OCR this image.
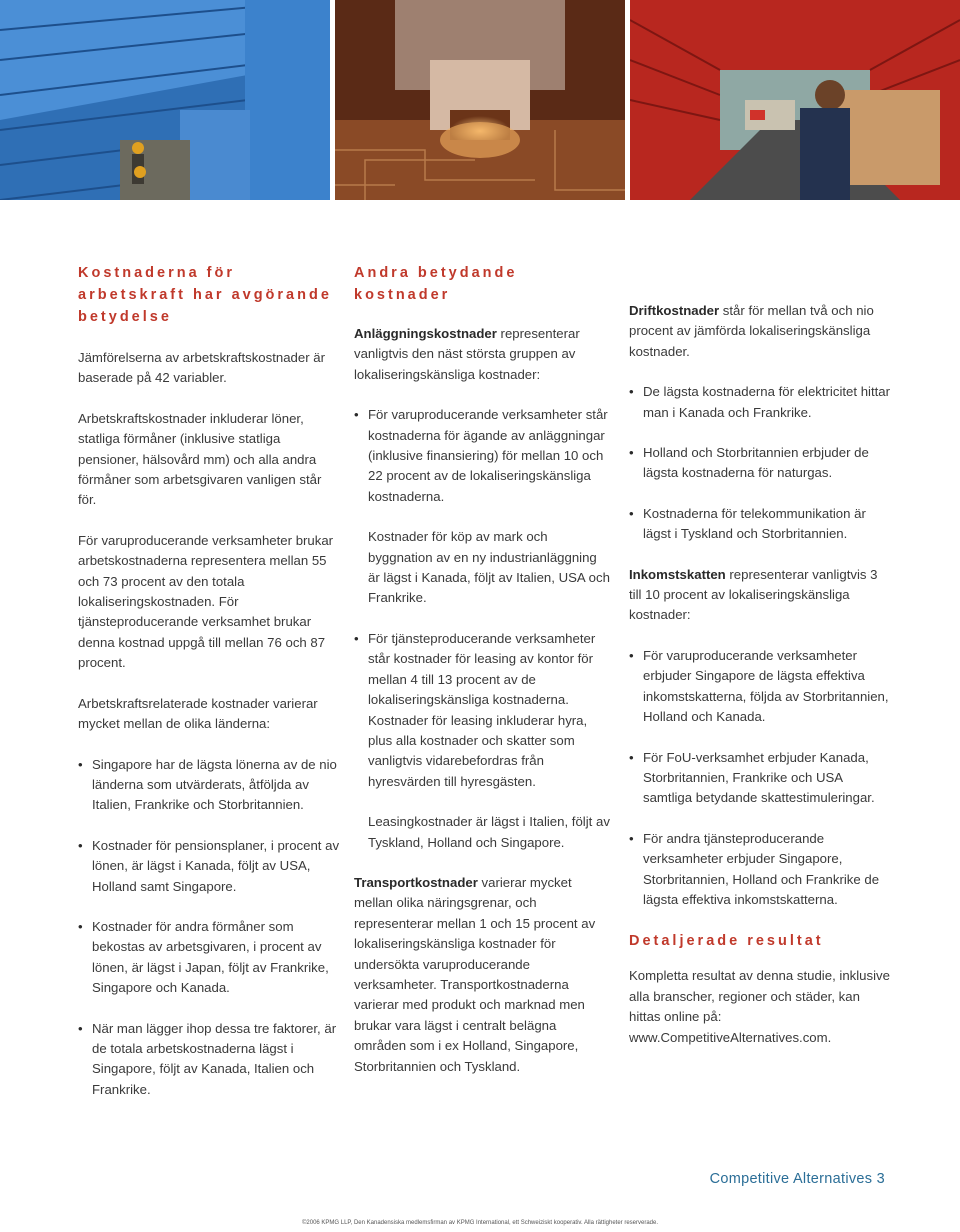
Kostnaderna för arbetskraft har avgörande betydelse

Jämförelserna av arbetskraftskostnader är baserade på 42 variabler.

Arbetskraftskostnader inkluderar löner, statliga förmåner (inklusive statliga pensioner, hälsovård mm) och alla andra förmåner som arbetsgivaren vanligen står för.

För varuproducerande verksamheter brukar arbetskostnaderna representera mellan 55 och 73 procent av den totala lokaliseringskostnaden. För tjänsteproducerande verksamhet brukar denna kostnad uppgå till mellan 76 och 87 procent.

Arbetskraftsrelaterade kostnader varierar mycket mellan de olika länderna:

• Singapore har de lägsta lönerna av de nio länderna som utvärderats, åtföljda av Italien, Frankrike och Storbritannien.
• Kostnader för pensionsplaner, i procent av lönen, är lägst i Kanada, följt av USA, Holland samt Singapore.
• Kostnader för andra förmåner som bekostas av arbetsgivaren, i procent av lönen, är lägst i Japan, följt av Frankrike, Singapore och Kanada.
• När man lägger ihop dessa tre faktorer, är de totala arbetskostnaderna lägst i Singapore, följt av Kanada, Italien och Frankrike.
Andra betydande kostnader

Anläggningskostnader representerar vanligtvis den näst största gruppen av lokaliseringskänsliga kostnader:

• För varuproducerande verksamheter står kostnaderna för ägande av anläggningar (inklusive finansiering) för mellan 10 och 22 procent av de lokaliseringskänsliga kostnaderna.

Kostnader för köp av mark och byggnation av en ny industrianläggning är lägst i Kanada, följt av Italien, USA och Frankrike.

• För tjänsteproducerande verksamheter står kostnader för leasing av kontor för mellan 4 till 13 procent av de lokaliseringskänsliga kostnaderna. Kostnader för leasing inkluderar hyra, plus alla kostnader och skatter som vanligtvis vidarebefordras från hyresvärden till hyresgästen.

Leasingkostnader är lägst i Italien, följt av Tyskland, Holland och Singapore.

Transportkostnader varierar mycket mellan olika näringsgrenar, och representerar mellan 1 och 15 procent av lokaliseringskänsliga kostnader för undersökta varuproducerande verksamheter. Transportkostnaderna varierar med produkt och marknad men brukar vara lägst i centralt belägna områden som i ex Holland, Singapore, Storbritannien och Tyskland.

Driftkostnader står för mellan två och nio procent av jämförda lokaliseringskänsliga kostnader.

• De lägsta kostnaderna för elektricitet hittar man i Kanada och Frankrike.
• Holland och Storbritannien erbjuder de lägsta kostnaderna för naturgas.
• Kostnaderna för telekommunikation är lägst i Tyskland och Storbritannien.

Inkomstskatten representerar vanligtvis 3 till 10 procent av lokaliseringskänsliga kostnader:

• För varuproducerande verksamheter erbjuder Singapore de lägsta effektiva inkomstskatterna, följda av Storbritannien, Holland och Kanada.
• För FoU-verksamhet erbjuder Kanada, Storbritannien, Frankrike och USA samtliga betydande skattestimuleringar.
• För andra tjänsteproducerande verksamheter erbjuder Singapore, Storbritannien, Holland och Frankrike de lägsta effektiva inkomstskatterna.
Detaljerade resultat

Kompletta resultat av denna studie, inklusive alla branscher, regioner och städer, kan hittas online på: www.CompetitiveAlternatives.com.

Competitive Alternatives 3
©2006 KPMG LLP, Den Kanadensiska medlemsfirman av KPMG International, ett Schweiziskt kooperativ. Alla rättigheter reserverade.
